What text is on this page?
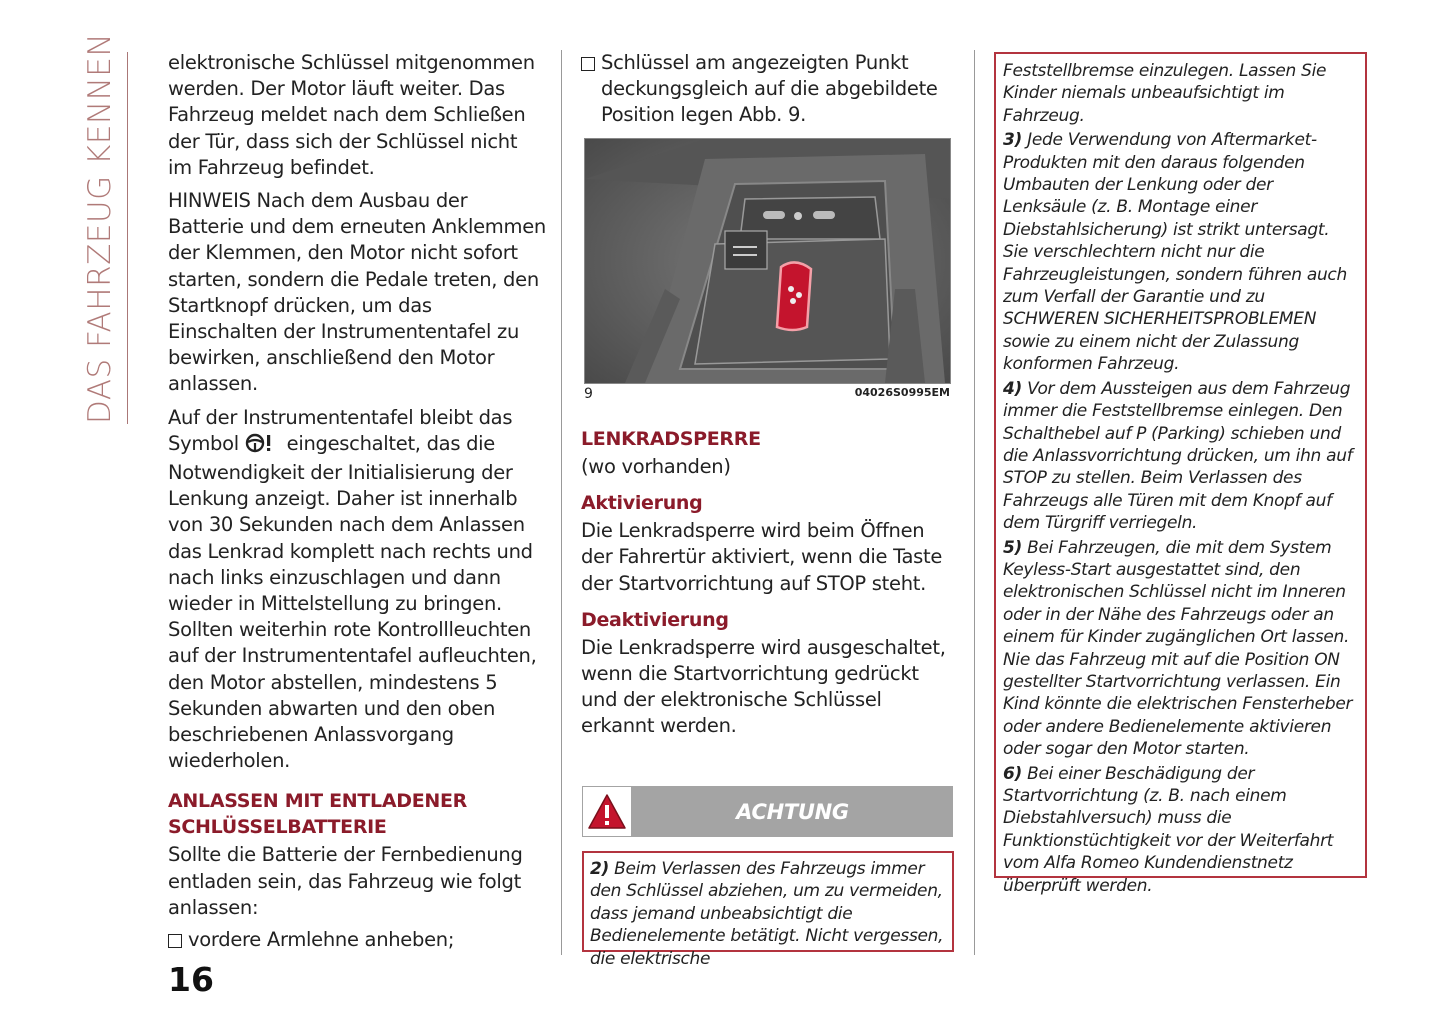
DAS FAHRZEUG KENNEN	elektronische Schlüssel mitgenommen werden. Der Motor läuft weiter. Das Fahrzeug meldet nach dem Schließen der Tür, dass sich der Schlüssel nicht im Fahrzeug befindet.

HINWEIS Nach dem Ausbau der Batterie und dem erneuten Anklemmen der Klemmen, den Motor nicht sofort starten, sondern die Pedale treten, den Startknopf drücken, um das Einschalten der Instrumententafel zu bewirken, anschließend den Motor anlassen.

Auf der Instrumententafel bleibt das Symbol eingeschaltet, das die Notwendigkeit der Initialisierung der Lenkung anzeigt. Daher ist innerhalb von 30 Sekunden nach dem Anlassen das Lenkrad komplett nach rechts und nach links einzuschlagen und dann wieder in Mittelstellung zu bringen. Sollten weiterhin rote Kontrollleuchten auf der Instrumententafel aufleuchten, den Motor abstellen, mindestens 5 Sekunden abwarten und den oben beschriebenen Anlassvorgang wiederholen.

ANLASSEN MIT ENTLADENER SCHLÜSSELBATTERIE

Sollte die Batterie der Fernbedienung entladen sein, das Fahrzeug wie folgt anlassen:

vordere Armlehne anheben;
Schlüssel am angezeigten Punkt deckungsgleich auf die abgebildete Position legen Abb. 9.
9	04026S0995EM
LENKRADSPERRE

(wo vorhanden)

Aktivierung

Die Lenkradsperre wird beim Öffnen der Fahrertür aktiviert, wenn die Taste der Startvorrichtung auf STOP steht.

Deaktivierung

Die Lenkradsperre wird ausgeschaltet, wenn die Startvorrichtung gedrückt und der elektronische Schlüssel erkannt werden.

ACHTUNG
2) Beim Verlassen des Fahrzeugs immer den Schlüssel abziehen, um zu vermeiden, dass jemand unbeabsichtigt die Bedienelemente betätigt. Nicht vergessen, die elektrische
Feststellbremse einzulegen. Lassen Sie Kinder niemals unbeaufsichtigt im Fahrzeug.
3) Jede Verwendung von Aftermarket-Produkten mit den daraus folgenden Umbauten der Lenkung oder der Lenksäule (z. B. Montage einer Diebstahlsicherung) ist strikt untersagt. Sie verschlechtern nicht nur die Fahrzeugleistungen, sondern führen auch zum Verfall der Garantie und zu SCHWEREN SICHERHEITSPROBLEMEN sowie zu einem nicht der Zulassung konformen Fahrzeug.
4) Vor dem Aussteigen aus dem Fahrzeug immer die Feststellbremse einlegen. Den Schalthebel auf P (Parking) schieben und die Anlassvorrichtung drücken, um ihn auf STOP zu stellen. Beim Verlassen des Fahrzeugs alle Türen mit dem Knopf auf dem Türgriff verriegeln.
5) Bei Fahrzeugen, die mit dem System Keyless-Start ausgestattet sind, den elektronischen Schlüssel nicht im Inneren oder in der Nähe des Fahrzeugs oder an einem für Kinder zugänglichen Ort lassen. Nie das Fahrzeug mit auf die Position ON gestellter Startvorrichtung verlassen. Ein Kind könnte die elektrischen Fensterheber oder andere Bedienelemente aktivieren oder sogar den Motor starten.
6) Bei einer Beschädigung der Startvorrichtung (z. B. nach einem Diebstahlversuch) muss die Funktionstüchtigkeit vor der Weiterfahrt vom Alfa Romeo Kundendienstnetz überprüft werden.
16
